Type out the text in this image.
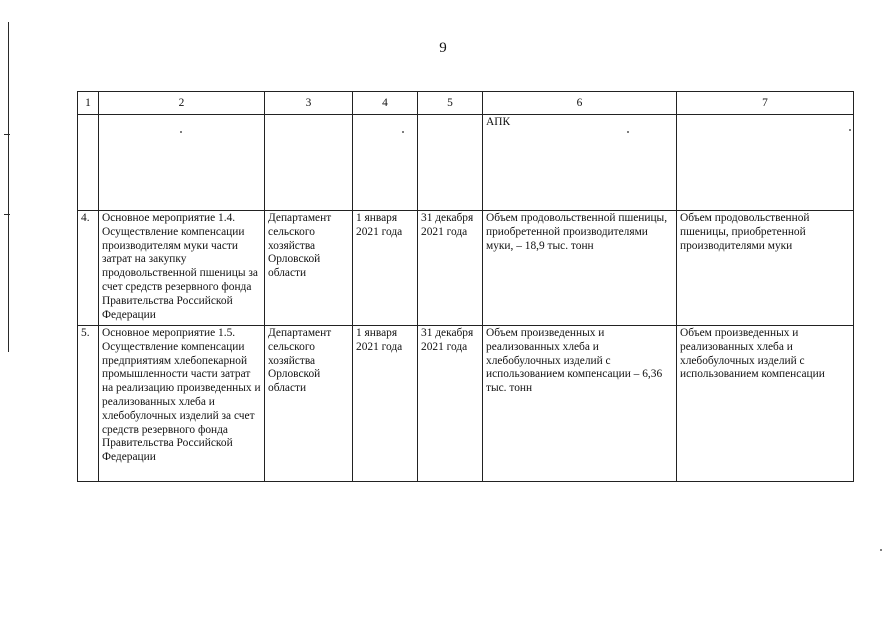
9
1	2	3	4	5	6	7
					АПК	
4.	Основное мероприятие 1.4. Осуществление компенсации производителям муки части затрат на закупку продовольственной пшеницы за счет средств резервного фонда Правительства Российской Федерации	Департамент сельского хозяйства Орловской области	1 января 2021 года	31 декабря 2021 года	Объем продовольственной пшеницы, приобретенной производителями муки, – 18,9 тыс. тонн	Объем продовольственной пшеницы, приобретенной производителями муки
5.	Основное мероприятие 1.5. Осуществление компенсации предприятиям хлебопекарной промышленности части затрат на реализацию произведенных и реализованных хлеба и хлебобулочных изделий за счет средств резервного фонда Правительства Российской Федерации	Департамент сельского хозяйства Орловской области	1 января 2021 года	31 декабря 2021 года	Объем произведенных и реализованных хлеба и хлебобулочных изделий с использованием компенсации – 6,36 тыс. тонн	Объем произведенных и реализованных хлеба и хлебобулочных изделий с использованием компенсации
